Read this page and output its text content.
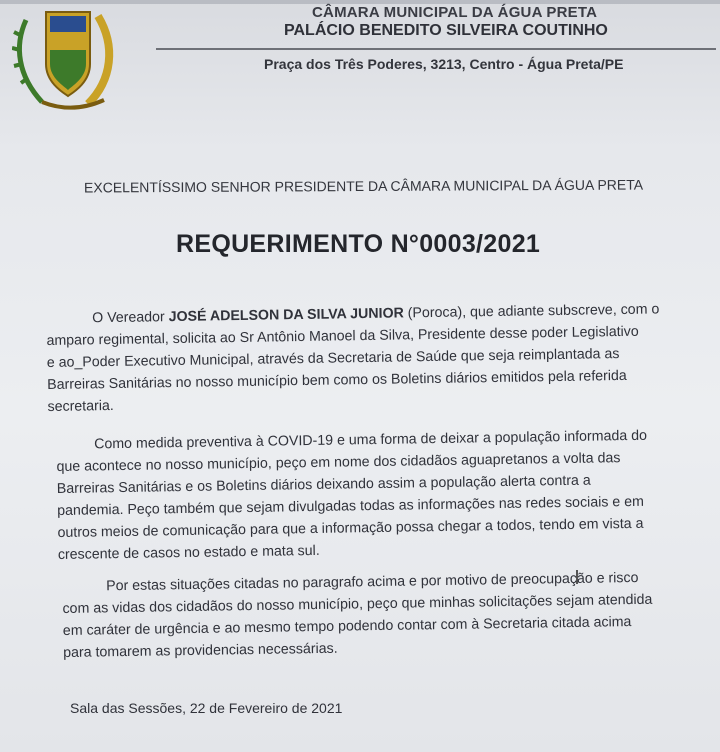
CÂMARA MUNICIPAL DA ÁGUA PRETA
PALÁCIO BENEDITO SILVEIRA COUTINHO
Praça dos Três Poderes, 3213, Centro - Água Preta/PE
EXCELENTÍSSIMO SENHOR PRESIDENTE DA CÂMARA MUNICIPAL DA ÁGUA PRETA
REQUERIMENTO N°0003/2021
O Vereador JOSÉ ADELSON DA SILVA JUNIOR (Poroca), que adiante subscreve, com o
amparo regimental, solicita ao Sr Antônio Manoel da Silva, Presidente desse poder Legislativo
e ao_Poder Executivo Municipal, através da Secretaria de Saúde que seja reimplantada as
Barreiras Sanitárias no nosso município bem como os Boletins diários emitidos pela referida
secretaria.
Como medida preventiva à COVID-19 e uma forma de deixar a população informada do
que acontece no nosso município, peço em nome dos cidadãos aguapretanos a volta das
Barreiras Sanitárias e os Boletins diários deixando assim a população alerta contra a
pandemia. Peço também que sejam divulgadas todas as informações nas redes sociais e em
outros meios de comunicação para que a informação possa chegar a todos, tendo em vista a
crescente de casos no estado e mata sul.
Por estas situações citadas no paragrafo acima e por motivo de preocupação e risco
com as vidas dos cidadãos do nosso município, peço que minhas solicitações sejam atendida
em caráter de urgência e ao mesmo tempo podendo contar com à Secretaria citada acima
para tomarem as providencias necessárias.
Sala das Sessões, 22 de Fevereiro de 2021
